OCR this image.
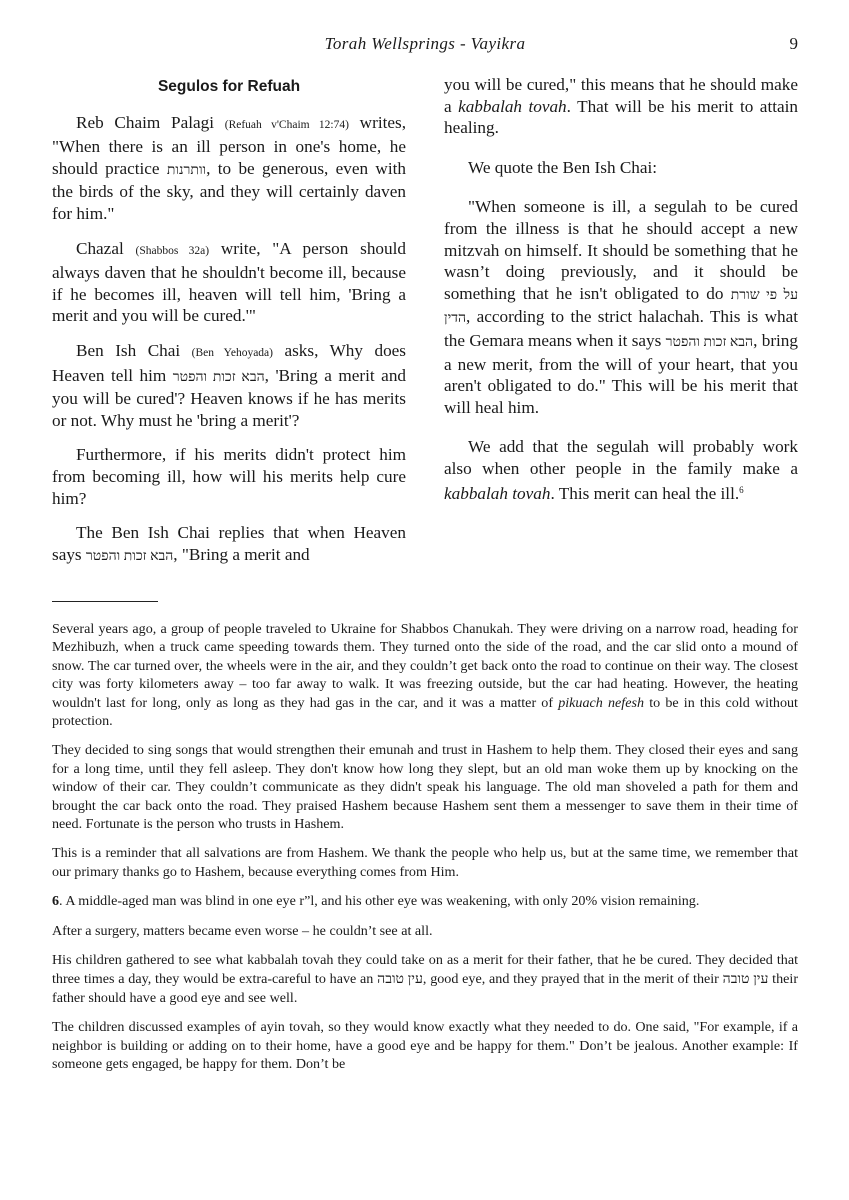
Torah Wellsprings - Vayikra	9
Segulos for Refuah

Reb Chaim Palagi (Refuah v'Chaim 12:74) writes, "When there is an ill person in one's home, he should practice וותרנות, to be generous, even with the birds of the sky, and they will certainly daven for him."

Chazal (Shabbos 32a) write, "A person should always daven that he shouldn't become ill, because if he becomes ill, heaven will tell him, 'Bring a merit and you will be cured.'"

Ben Ish Chai (Ben Yehoyada) asks, Why does Heaven tell him הבא זכות והפטר, 'Bring a merit and you will be cured'? Heaven knows if he has merits or not. Why must he 'bring a merit'?

Furthermore, if his merits didn't protect him from becoming ill, how will his merits help cure him?

The Ben Ish Chai replies that when Heaven says הבא זכות והפטר, "Bring a merit and

you will be cured," this means that he should make a kabbalah tovah. That will be his merit to attain healing.

We quote the Ben Ish Chai:

"When someone is ill, a segulah to be cured from the illness is that he should accept a new mitzvah on himself. It should be something that he wasn’t doing previously, and it should be something that he isn't obligated to do על פי שורת הדין, according to the strict halachah. This is what the Gemara means when it says הבא זכות והפטר, bring a new merit, from the will of your heart, that you aren't obligated to do." This will be his merit that will heal him.

We add that the segulah will probably work also when other people in the family make a kabbalah tovah. This merit can heal the ill.$^6$

Several years ago, a group of people traveled to Ukraine for Shabbos Chanukah. They were driving on a narrow road, heading for Mezhibuzh, when a truck came speeding towards them. They turned onto the side of the road, and the car slid onto a mound of snow. The car turned over, the wheels were in the air, and they couldn’t get back onto the road to continue on their way. The closest city was forty kilometers away – too far away to walk. It was freezing outside, but the car had heating. However, the heating wouldn't last for long, only as long as they had gas in the car, and it was a matter of pikuach nefesh to be in this cold without protection.

They decided to sing songs that would strengthen their emunah and trust in Hashem to help them. They closed their eyes and sang for a long time, until they fell asleep. They don't know how long they slept, but an old man woke them up by knocking on the window of their car. They couldn’t communicate as they didn't speak his language. The old man shoveled a path for them and brought the car back onto the road. They praised Hashem because Hashem sent them a messenger to save them in their time of need. Fortunate is the person who trusts in Hashem.

This is a reminder that all salvations are from Hashem. We thank the people who help us, but at the same time, we remember that our primary thanks go to Hashem, because everything comes from Him.

6. A middle-aged man was blind in one eye r”l, and his other eye was weakening, with only 20% vision remaining.

After a surgery, matters became even worse – he couldn’t see at all.

His children gathered to see what kabbalah tovah they could take on as a merit for their father, that he be cured. They decided that three times a day, they would be extra-careful to have an עין טובה, good eye, and they prayed that in the merit of their עין טובה their father should have a good eye and see well.

The children discussed examples of ayin tovah, so they would know exactly what they needed to do. One said, "For example, if a neighbor is building or adding on to their home, have a good eye and be happy for them." Don’t be jealous. Another example: If someone gets engaged, be happy for them. Don’t be
